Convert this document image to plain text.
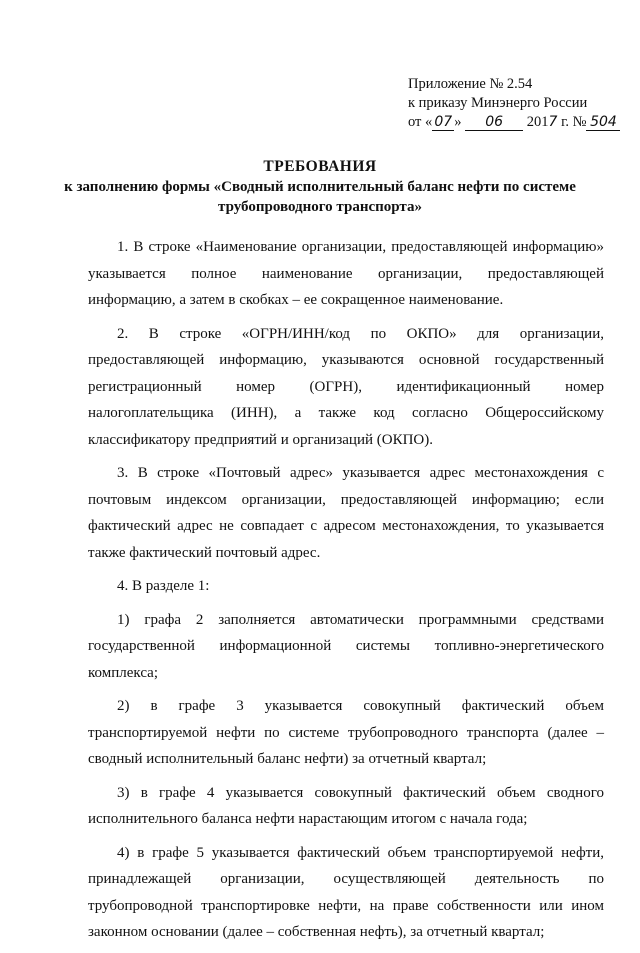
Приложение № 2.54
к приказу Минэнерго России
от « 07 » 06 2017 г. № 504
ТРЕБОВАНИЯ
к заполнению формы «Сводный исполнительный баланс нефти по системе
трубопроводного транспорта»

1. В строке «Наименование организации, предоставляющей информацию» указывается полное наименование организации, предоставляющей информацию, а затем в скобках – ее сокращенное наименование.

2. В строке «ОГРН/ИНН/код по ОКПО» для организации, предоставляющей информацию, указываются основной государственный регистрационный номер (ОГРН), идентификационный номер налогоплательщика (ИНН), а также код согласно Общероссийскому классификатору предприятий и организаций (ОКПО).

3. В строке «Почтовый адрес» указывается адрес местонахождения с почтовым индексом организации, предоставляющей информацию; если фактический адрес не совпадает с адресом местонахождения, то указывается также фактический почтовый адрес.

4. В разделе 1:

1) графа 2 заполняется автоматически программными средствами государственной информационной системы топливно-энергетического комплекса;

2) в графе 3 указывается совокупный фактический объем транспортируемой нефти по системе трубопроводного транспорта (далее – сводный исполнительный баланс нефти) за отчетный квартал;

3) в графе 4 указывается совокупный фактический объем сводного исполнительного баланса нефти нарастающим итогом с начала года;

4) в графе 5 указывается фактический объем транспортируемой нефти, принадлежащей организации, осуществляющей деятельность по трубопроводной транспортировке нефти, на праве собственности или ином законном основании (далее – собственная нефть), за отчетный квартал;
